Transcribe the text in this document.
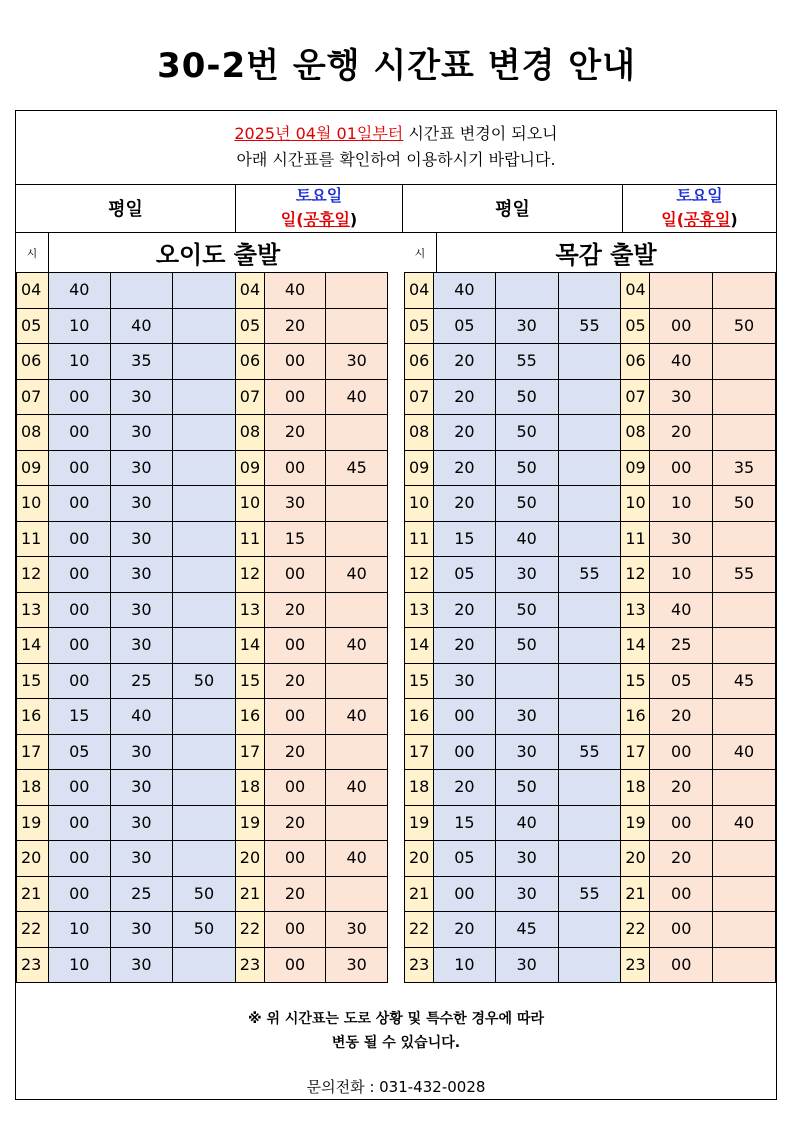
30-2번 운행 시간표 변경 안내
2025년 04월 01일부터 시간표 변경이 되오니
아래 시간표를 확인하여 이용하시기 바랍니다.
평일
토요일
일(공휴일)	평일
토요일
일(공휴일)
시	오이도 출발
04	40			04	40	
05	10	40		05	20	
06	10	35		06	00	30
07	00	30		07	00	40
08	00	30		08	20	
09	00	30		09	00	45
10	00	30		10	30	
11	00	30		11	15	
12	00	30		12	00	40
13	00	30		13	20	
14	00	30		14	00	40
15	00	25	50	15	20	
16	15	40		16	00	40
17	05	30		17	20	
18	00	30		18	00	40
19	00	30		19	20	
20	00	30		20	00	40
21	00	25	50	21	20	
22	10	30	50	22	00	30
23	10	30		23	00	30
시	목감 출발
04	40			04		
05	05	30	55	05	00	50
06	20	55		06	40	
07	20	50		07	30	
08	20	50		08	20	
09	20	50		09	00	35
10	20	50		10	10	50
11	15	40		11	30	
12	05	30	55	12	10	55
13	20	50		13	40	
14	20	50		14	25	
15	30			15	05	45
16	00	30		16	20	
17	00	30	55	17	00	40
18	20	50		18	20	
19	15	40		19	00	40
20	05	30		20	20	
21	00	30	55	21	00	
22	20	45		22	00	
23	10	30		23	00	
※ 위 시간표는 도로 상황 및 특수한 경우에 따라
변동 될 수 있습니다.
문의전화 : 031-432-0028
